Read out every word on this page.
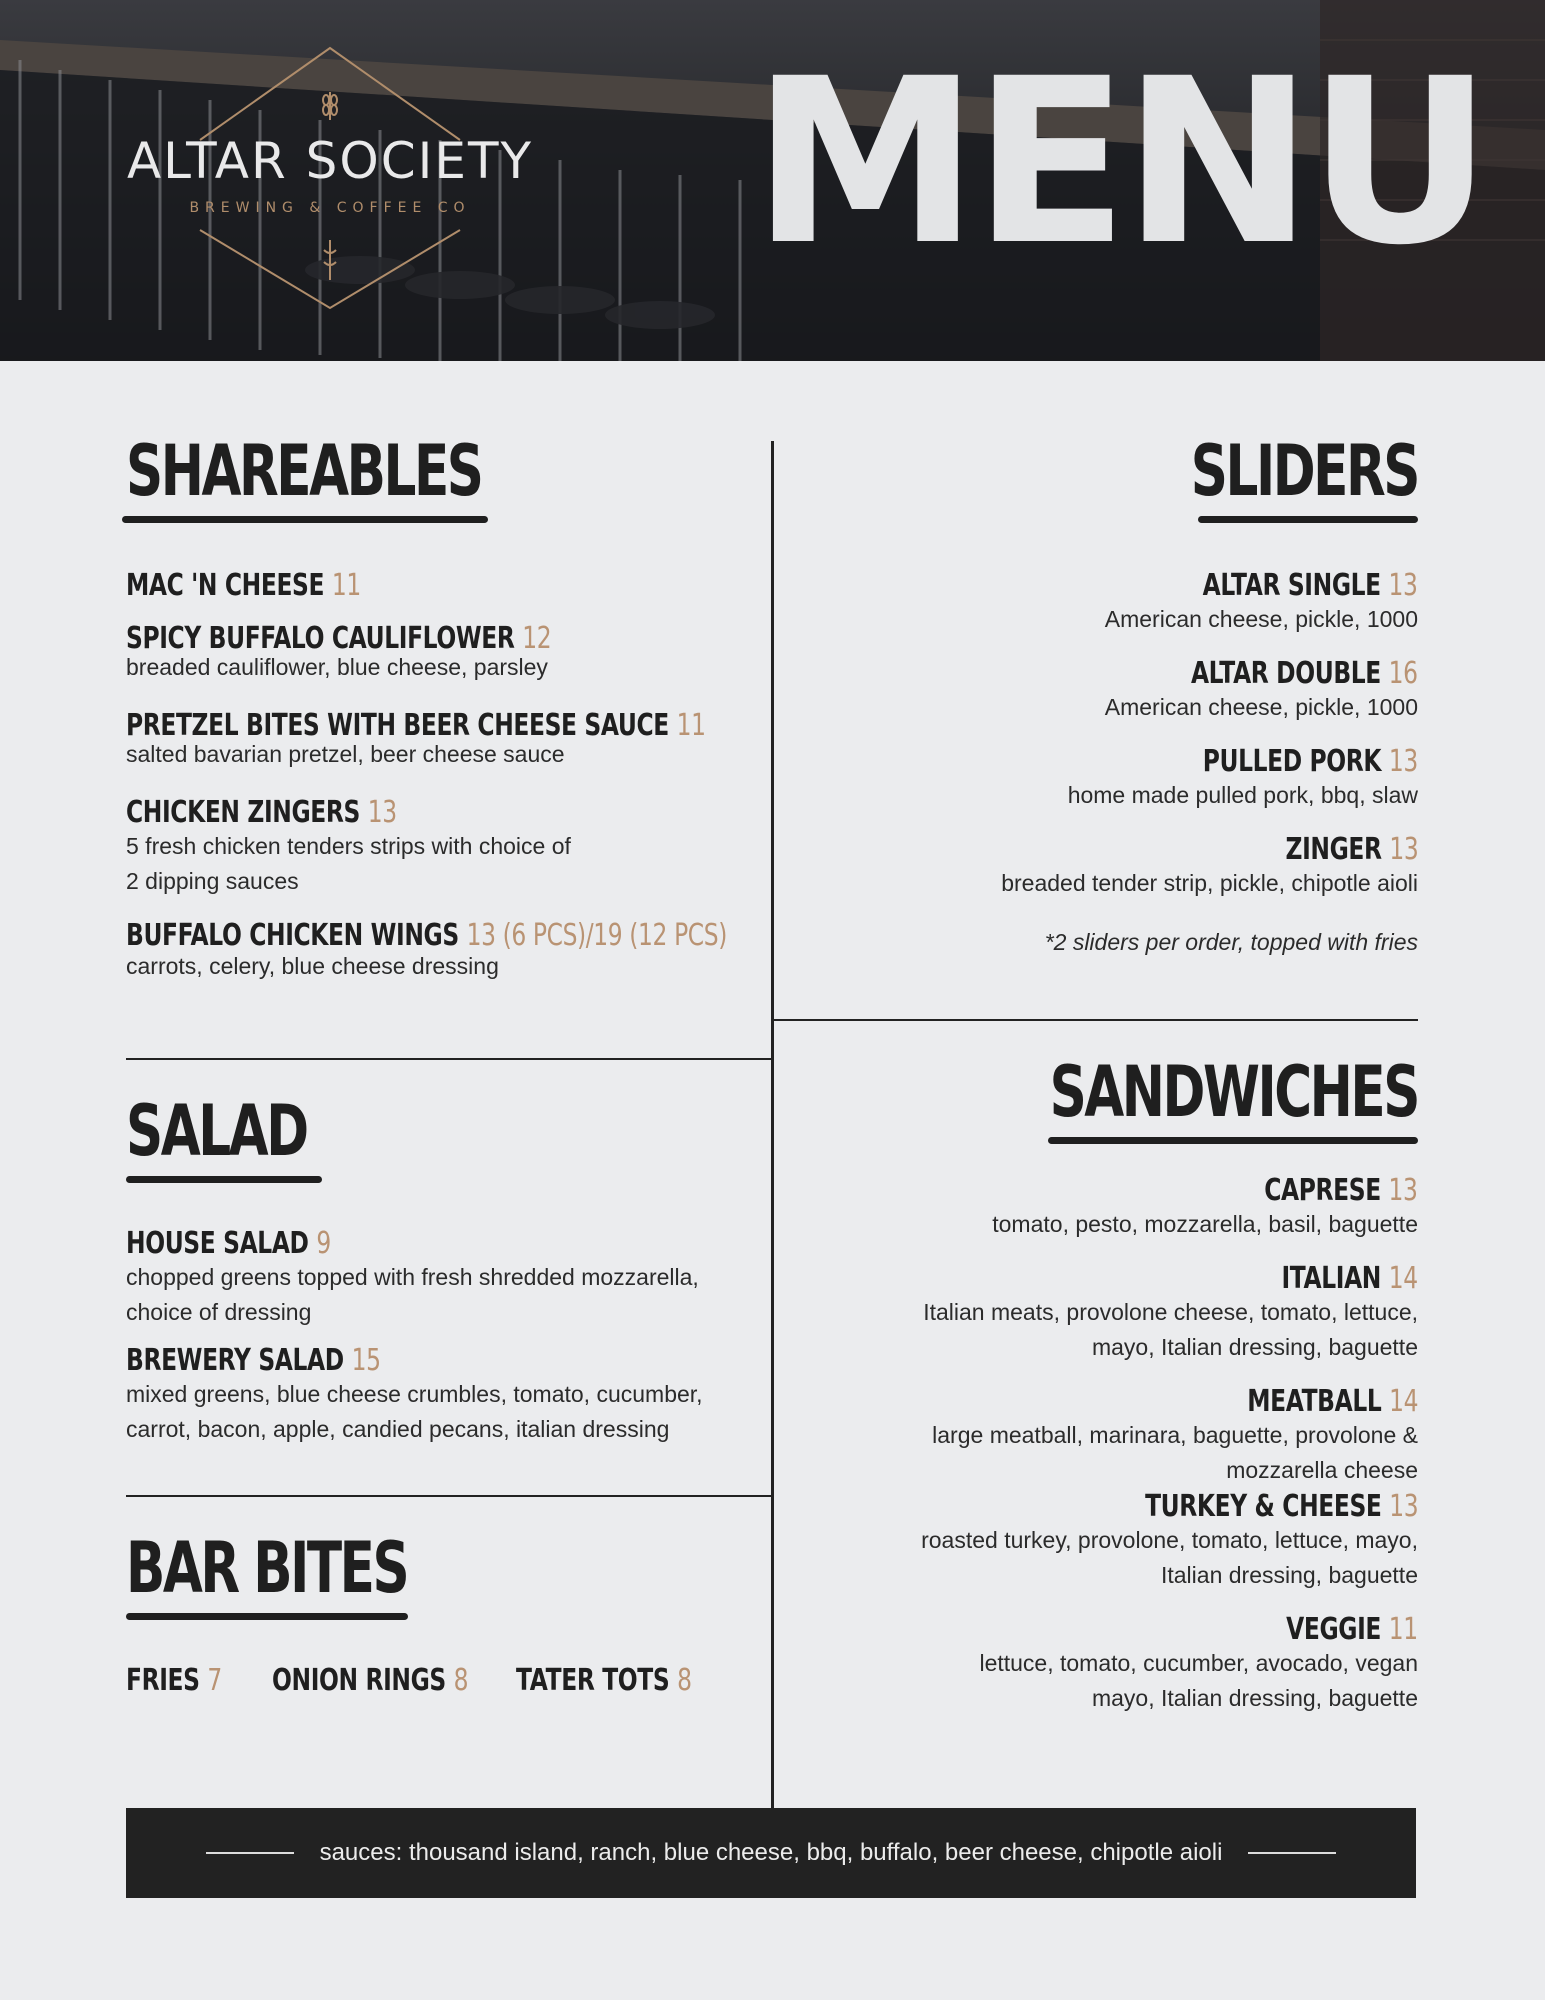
ALTAR SOCIETY
BREWING & COFFEE CO	MENU
SHAREABLES
MAC 'N CHEESE 11
SPICY BUFFALO CAULIFLOWER 12
breaded cauliflower, blue cheese, parsley
PRETZEL BITES WITH BEER CHEESE SAUCE 11
salted bavarian pretzel, beer cheese sauce
CHICKEN ZINGERS 13
5 fresh chicken tenders strips with choice of
2 dipping sauces
BUFFALO CHICKEN WINGS 13 (6 PCS)/19 (12 PCS)
carrots, celery, blue cheese dressing
SALAD
HOUSE SALAD 9
chopped greens topped with fresh shredded mozzarella,
choice of dressing
BREWERY SALAD 15
mixed greens, blue cheese crumbles, tomato, cucumber,
carrot, bacon, apple, candied pecans, italian dressing
BAR BITES
FRIES 7 ONION RINGS 8 TATER TOTS 8
SLIDERS
ALTAR SINGLE 13
American cheese, pickle, 1000
ALTAR DOUBLE 16
American cheese, pickle, 1000
PULLED PORK 13
home made pulled pork, bbq, slaw
ZINGER 13
breaded tender strip, pickle, chipotle aioli
*2 sliders per order, topped with fries
SANDWICHES
CAPRESE 13
tomato, pesto, mozzarella, basil, baguette
ITALIAN 14
Italian meats, provolone cheese, tomato, lettuce,
mayo, Italian dressing, baguette
MEATBALL 14
large meatball, marinara, baguette, provolone &
mozzarella cheese
TURKEY & CHEESE 13
roasted turkey, provolone, tomato, lettuce, mayo,
Italian dressing, baguette
VEGGIE 11
lettuce, tomato, cucumber, avocado, vegan
mayo, Italian dressing, baguette
sauces: thousand island, ranch, blue cheese, bbq, buffalo, beer cheese, chipotle aioli
